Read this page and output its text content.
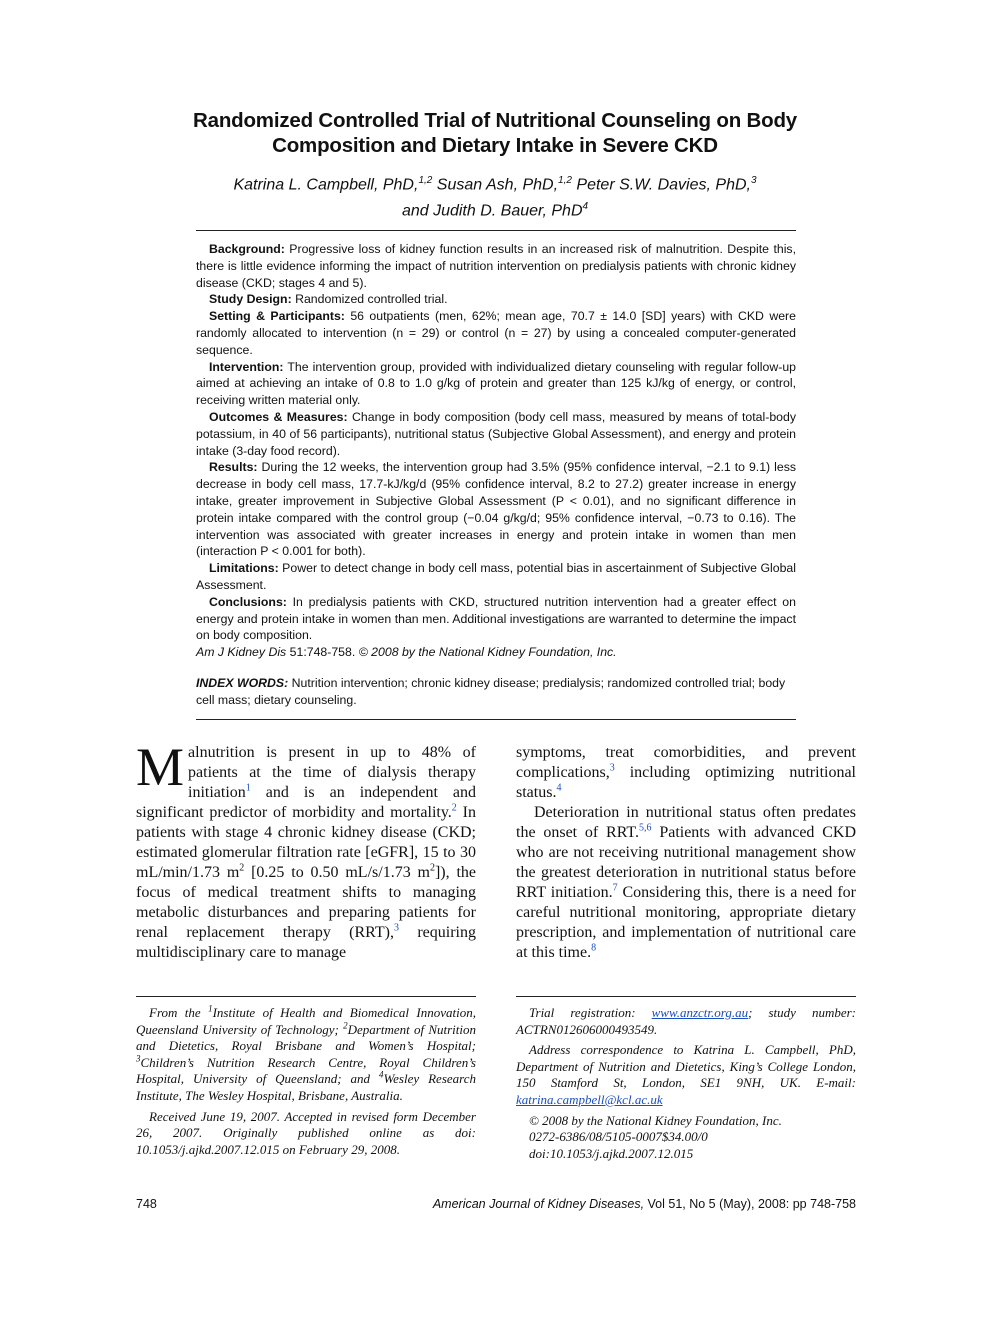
Randomized Controlled Trial of Nutritional Counseling on Body
Composition and Dietary Intake in Severe CKD
Katrina L. Campbell, PhD,$^{1,2}$ Susan Ash, PhD,$^{1,2}$ Peter S.W. Davies, PhD,$^3$
and Judith D. Bauer, PhD$^4$

Background: Progressive loss of kidney function results in an increased risk of malnutrition. Despite this, there is little evidence informing the impact of nutrition intervention on predialysis patients with chronic kidney disease (CKD; stages 4 and 5).

Study Design: Randomized controlled trial.

Setting & Participants: 56 outpatients (men, 62%; mean age, 70.7 ± 14.0 [SD] years) with CKD were randomly allocated to intervention (n = 29) or control (n = 27) by using a concealed computer-generated sequence.

Intervention: The intervention group, provided with individualized dietary counseling with regular follow-up aimed at achieving an intake of 0.8 to 1.0 g/kg of protein and greater than 125 kJ/kg of energy, or control, receiving written material only.

Outcomes & Measures: Change in body composition (body cell mass, measured by means of total-body potassium, in 40 of 56 participants), nutritional status (Subjective Global Assessment), and energy and protein intake (3-day food record).

Results: During the 12 weeks, the intervention group had 3.5% (95% confidence interval, −2.1 to 9.1) less decrease in body cell mass, 17.7-kJ/kg/d (95% confidence interval, 8.2 to 27.2) greater increase in energy intake, greater improvement in Subjective Global Assessment (P < 0.01), and no significant difference in protein intake compared with the control group (−0.04 g/kg/d; 95% confidence interval, −0.73 to 0.16). The intervention was associated with greater increases in energy and protein intake in women than men (interaction P < 0.001 for both).

Limitations: Power to detect change in body cell mass, potential bias in ascertainment of Subjective Global Assessment.

Conclusions: In predialysis patients with CKD, structured nutrition intervention had a greater effect on energy and protein intake in women than men. Additional investigations are warranted to determine the impact on body composition.

Am J Kidney Dis 51:748-758. © 2008 by the National Kidney Foundation, Inc.

INDEX WORDS: Nutrition intervention; chronic kidney disease; predialysis; randomized controlled trial; body cell mass; dietary counseling.

Malnutrition is present in up to 48% of patients at the time of dialysis therapy initiation$^1$ and is an independent and significant predictor of morbidity and mortality.$^2$ In patients with stage 4 chronic kidney disease (CKD; estimated glomerular filtration rate [eGFR], 15 to 30 mL/min/1.73 $m^2$ [0.25 to 0.50 mL/s/1.73 $m^2$]), the focus of medical treatment shifts to managing metabolic disturbances and preparing patients for renal replacement therapy (RRT),$^3$ requiring multidisciplinary care to manage

symptoms, treat comorbidities, and prevent complications,$^3$ including optimizing nutritional status.$^4$

Deterioration in nutritional status often predates the onset of RRT.$^{5,6}$ Patients with advanced CKD who are not receiving nutritional management show the greatest deterioration in nutritional status before RRT initiation.$^7$ Considering this, there is a need for careful nutritional monitoring, appropriate dietary prescription, and implementation of nutritional care at this time.$^8$

From the $^1$Institute of Health and Biomedical Innovation, Queensland University of Technology; $^2$Department of Nutrition and Dietetics, Royal Brisbane and Women’s Hospital; $^3$Children’s Nutrition Research Centre, Royal Children’s Hospital, University of Queensland; and $^4$Wesley Research Institute, The Wesley Hospital, Brisbane, Australia.

Received June 19, 2007. Accepted in revised form December 26, 2007. Originally published online as doi: 10.1053/j.ajkd.2007.12.015 on February 29, 2008.

Trial registration: www.anzctr.org.au; study number: ACTRN012606000493549.

Address correspondence to Katrina L. Campbell, PhD, Department of Nutrition and Dietetics, King’s College London, 150 Stamford St, London, SE1 9NH, UK. E-mail: katrina.campbell@kcl.ac.uk

© 2008 by the National Kidney Foundation, Inc.

0272-6386/08/5105-0007$34.00/0

doi:10.1053/j.ajkd.2007.12.015

748	American Journal of Kidney Diseases, Vol 51, No 5 (May), 2008: pp 748-758
